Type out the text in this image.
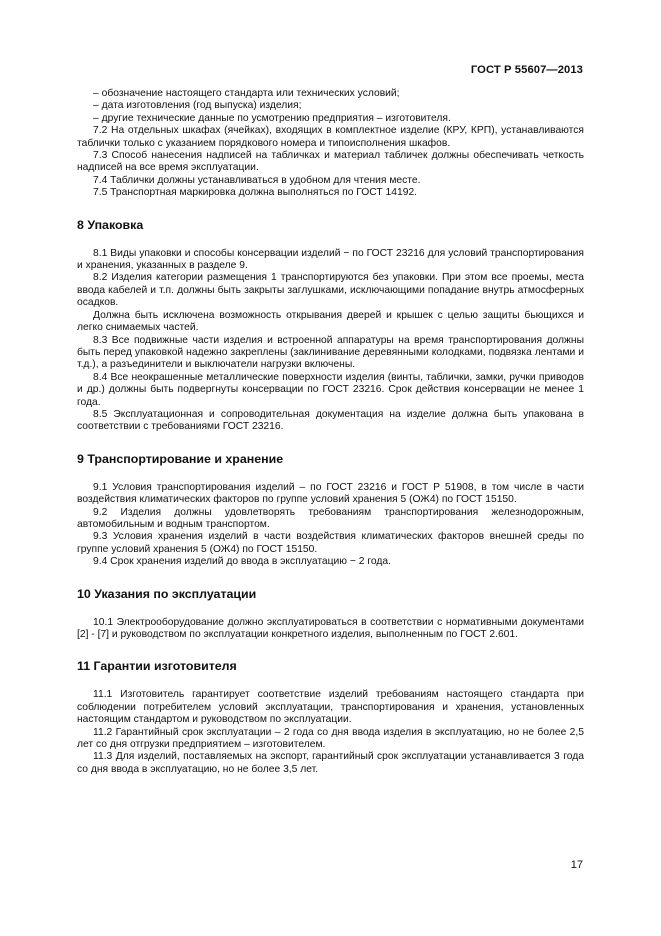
ГОСТ Р 55607—2013

– обозначение настоящего стандарта или технических условий;

– дата изготовления (год выпуска) изделия;

– другие технические данные по усмотрению предприятия – изготовителя.

7.2 На отдельных шкафах (ячейках), входящих в комплектное изделие (КРУ, КРП), устанавливаются таблички только с указанием порядкового номера и типоисполнения шкафов.

7.3 Способ нанесения надписей на табличках и материал табличек должны обеспечивать четкость надписей на все время эксплуатации.

7.4 Таблички должны устанавливаться в удобном для чтения месте.

7.5 Транспортная маркировка должна выполняться по ГОСТ 14192.

8 Упаковка

8.1 Виды упаковки и способы консервации изделий − по ГОСТ 23216 для условий транспортирования и хранения, указанных в разделе 9.

8.2 Изделия категории размещения 1 транспортируются без упаковки. При этом все проемы, места ввода кабелей и т.п. должны быть закрыты заглушками, исключающими попадание внутрь атмосферных осадков.

Должна быть исключена возможность открывания дверей и крышек с целью защиты бьющихся и легко снимаемых частей.

8.3 Все подвижные части изделия и встроенной аппаратуры на время транспортирования должны быть перед упаковкой надежно закреплены (заклинивание деревянными колодками, подвязка лентами и т.д.), а разъединители и выключатели нагрузки включены.

8.4 Все неокрашенные металлические поверхности изделия (винты, таблички, замки, ручки приводов и др.) должны быть подвергнуты консервации по ГОСТ 23216. Срок действия консервации не менее 1 года.

8.5 Эксплуатационная и сопроводительная документация на изделие должна быть упакована в соответствии с требованиями ГОСТ 23216.

9 Транспортирование и хранение

9.1 Условия транспортирования изделий – по ГОСТ 23216 и ГОСТ Р 51908, в том числе в части воздействия климатических факторов по группе условий хранения 5 (ОЖ4) по ГОСТ 15150.

9.2 Изделия должны удовлетворять требованиям транспортирования железнодорожным, автомобильным и водным транспортом.

9.3 Условия хранения изделий в части воздействия климатических факторов внешней среды по группе условий хранения 5 (ОЖ4) по ГОСТ 15150.

9.4 Срок хранения изделий до ввода в эксплуатацию − 2 года.

10 Указания по эксплуатации

10.1 Электрооборудование должно эксплуатироваться в соответствии с нормативными документами [2] - [7] и руководством по эксплуатации конкретного изделия, выполненным по ГОСТ 2.601.

11 Гарантии изготовителя

11.1 Изготовитель гарантирует соответствие изделий требованиям настоящего стандарта при соблюдении потребителем условий эксплуатации, транспортирования и хранения, установленных настоящим стандартом и руководством по эксплуатации.

11.2 Гарантийный срок эксплуатации – 2 года со дня ввода изделия в эксплуатацию, но не более 2,5 лет со дня отгрузки предприятием – изготовителем.

11.3 Для изделий, поставляемых на экспорт, гарантийный срок эксплуатации устанавливается 3 года со дня ввода в эксплуатацию, но не более 3,5 лет.

17
